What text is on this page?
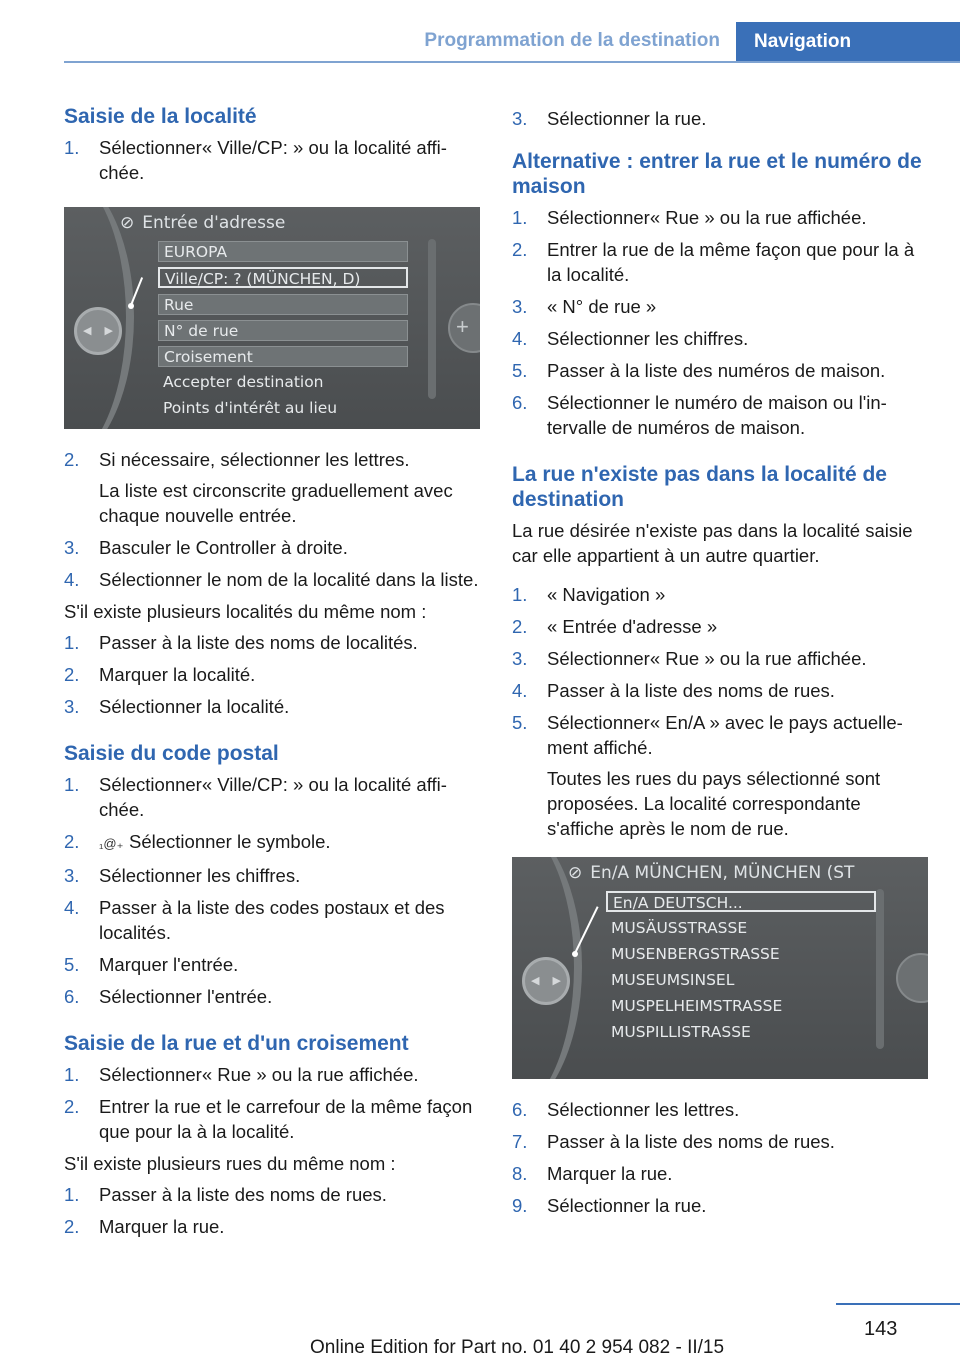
Programmation de la destination	Navigation
Saisie de la localité
1. Sélectionner« Ville/CP: » ou la localité affichée.
⊘ Entrée d'adresse
EUROPA
Ville/CP: ? (MÜNCHEN, D)
Rue
N° de rue
Croisement
Accepter destination
Points d'intérêt au lieu
◀ ▶	+
2. Si nécessaire, sélectionner les lettres.
La liste est circonscrite graduellement avec chaque nouvelle entrée.
3. Basculer le Controller à droite.
4. Sélectionner le nom de la localité dans la liste.

S'il existe plusieurs localités du même nom :

1. Passer à la liste des noms de localités.
2. Marquer la localité.
3. Sélectionner la localité.
Saisie du code postal
1. Sélectionner« Ville/CP: » ou la localité affichée.
2. ₁@₊ Sélectionner le symbole.
3. Sélectionner les chiffres.
4. Passer à la liste des codes postaux et des localités.
5. Marquer l'entrée.
6. Sélectionner l'entrée.
Saisie de la rue et d'un croisement
1. Sélectionner« Rue » ou la rue affichée.
2. Entrer la rue et le carrefour de la même façon que pour la à la localité.

S'il existe plusieurs rues du même nom :

1. Passer à la liste des noms de rues.
2. Marquer la rue.
3. Sélectionner la rue.
Alternative : entrer la rue et le numéro de maison
1. Sélectionner« Rue » ou la rue affichée.
2. Entrer la rue de la même façon que pour la à la localité.
3. « N° de rue »
4. Sélectionner les chiffres.
5. Passer à la liste des numéros de maison.
6. Sélectionner le numéro de maison ou l'intervalle de numéros de maison.
La rue n'existe pas dans la localité de destination

La rue désirée n'existe pas dans la localité saisie car elle appartient à un autre quartier.

1. « Navigation »
2. « Entrée d'adresse »
3. Sélectionner« Rue » ou la rue affichée.
4. Passer à la liste des noms de rues.
5. Sélectionner« En/A » avec le pays actuellement affiché.
Toutes les rues du pays sélectionné sont proposées. La localité correspondante s'affiche après le nom de rue.
⊘ En/A MÜNCHEN, MÜNCHEN (ST
En/A DEUTSCH...
MUSÄUSSTRASSE
MUSENBERGSTRASSE
MUSEUMSINSEL
MUSPELHEIMSTRASSE
MUSPILLISTRASSE
◀ ▶
6. Sélectionner les lettres.
7. Passer à la liste des noms de rues.
8. Marquer la rue.
9. Sélectionner la rue.
143
Online Edition for Part no. 01 40 2 954 082 - II/15
